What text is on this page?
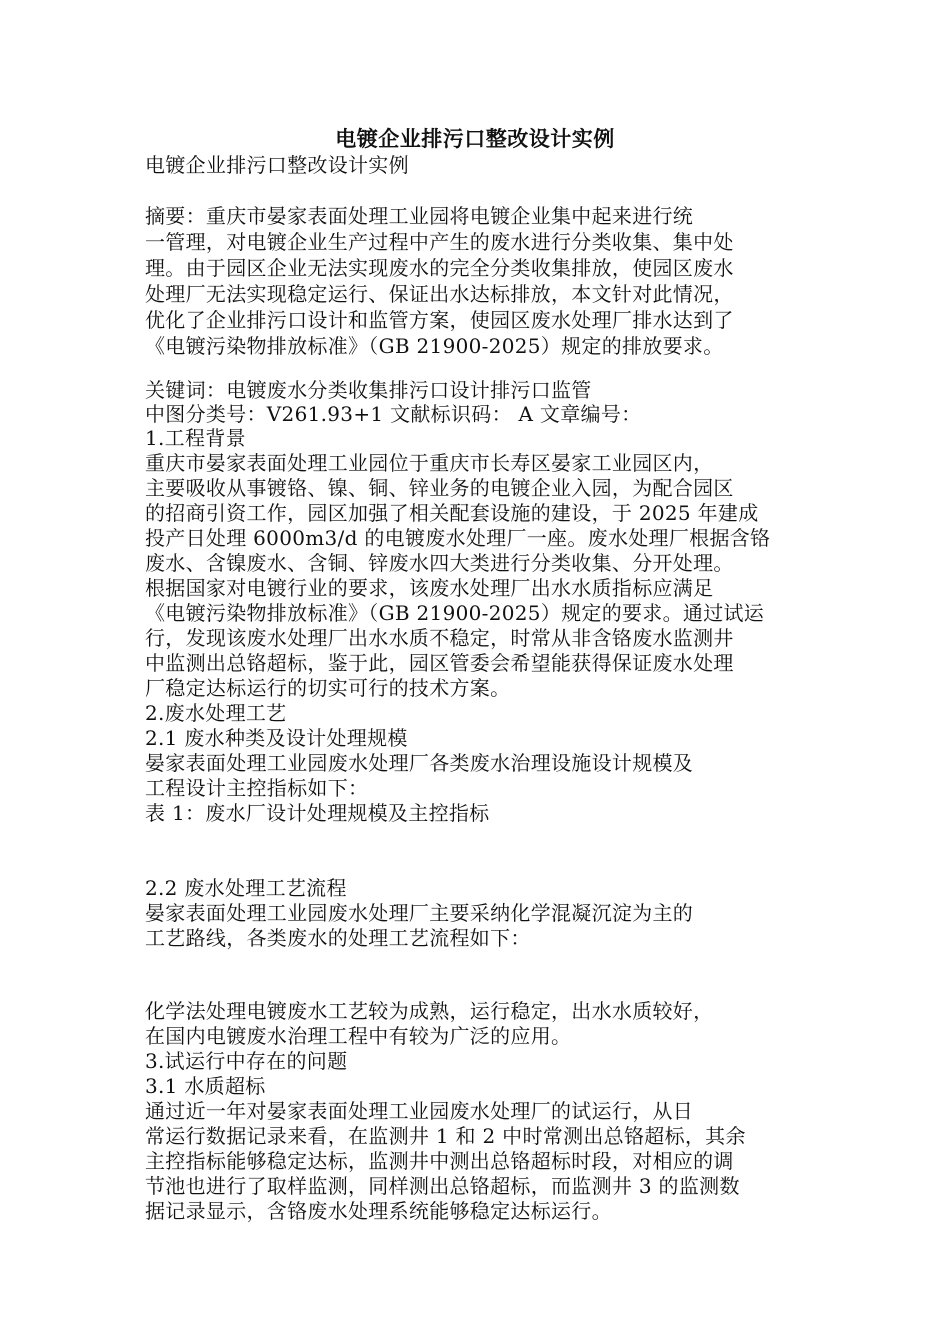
电镀企业排污口整改设计实例
电镀企业排污口整改设计实例
摘要：重庆市晏家表面处理工业园将电镀企业集中起来进行统
一管理，对电镀企业生产过程中产生的废水进行分类收集、集中处
理。由于园区企业无法实现废水的完全分类收集排放，使园区废水
处理厂无法实现稳定运行、保证出水达标排放，本文针对此情况，
优化了企业排污口设计和监管方案，使园区废水处理厂排水达到了
《电镀污染物排放标准》（GB 21900-2025）规定的排放要求。
关键词：电镀废水分类收集排污口设计排污口监管
中图分类号：V261.93+1 文献标识码： A 文章编号：
1.工程背景
重庆市晏家表面处理工业园位于重庆市长寿区晏家工业园区内，
主要吸收从事镀铬、镍、铜、锌业务的电镀企业入园，为配合园区
的招商引资工作，园区加强了相关配套设施的建设，于 2025 年建成
投产日处理 6000m3/d 的电镀废水处理厂一座。废水处理厂根据含铬
废水、含镍废水、含铜、锌废水四大类进行分类收集、分开处理。
根据国家对电镀行业的要求，该废水处理厂出水水质指标应满足
《电镀污染物排放标准》（GB 21900-2025）规定的要求。通过试运
行，发现该废水处理厂出水水质不稳定，时常从非含铬废水监测井
中监测出总铬超标，鉴于此，园区管委会希望能获得保证废水处理
厂稳定达标运行的切实可行的技术方案。
2.废水处理工艺
2.1 废水种类及设计处理规模
晏家表面处理工业园废水处理厂各类废水治理设施设计规模及
工程设计主控指标如下：
表 1：废水厂设计处理规模及主控指标
2.2 废水处理工艺流程
晏家表面处理工业园废水处理厂主要采纳化学混凝沉淀为主的
工艺路线，各类废水的处理工艺流程如下：
化学法处理电镀废水工艺较为成熟，运行稳定，出水水质较好，
在国内电镀废水治理工程中有较为广泛的应用。
3.试运行中存在的问题
3.1 水质超标
通过近一年对晏家表面处理工业园废水处理厂的试运行，从日
常运行数据记录来看，在监测井 1 和 2 中时常测出总铬超标，其余
主控指标能够稳定达标，监测井中测出总铬超标时段，对相应的调
节池也进行了取样监测，同样测出总铬超标，而监测井 3 的监测数
据记录显示，含铬废水处理系统能够稳定达标运行。
